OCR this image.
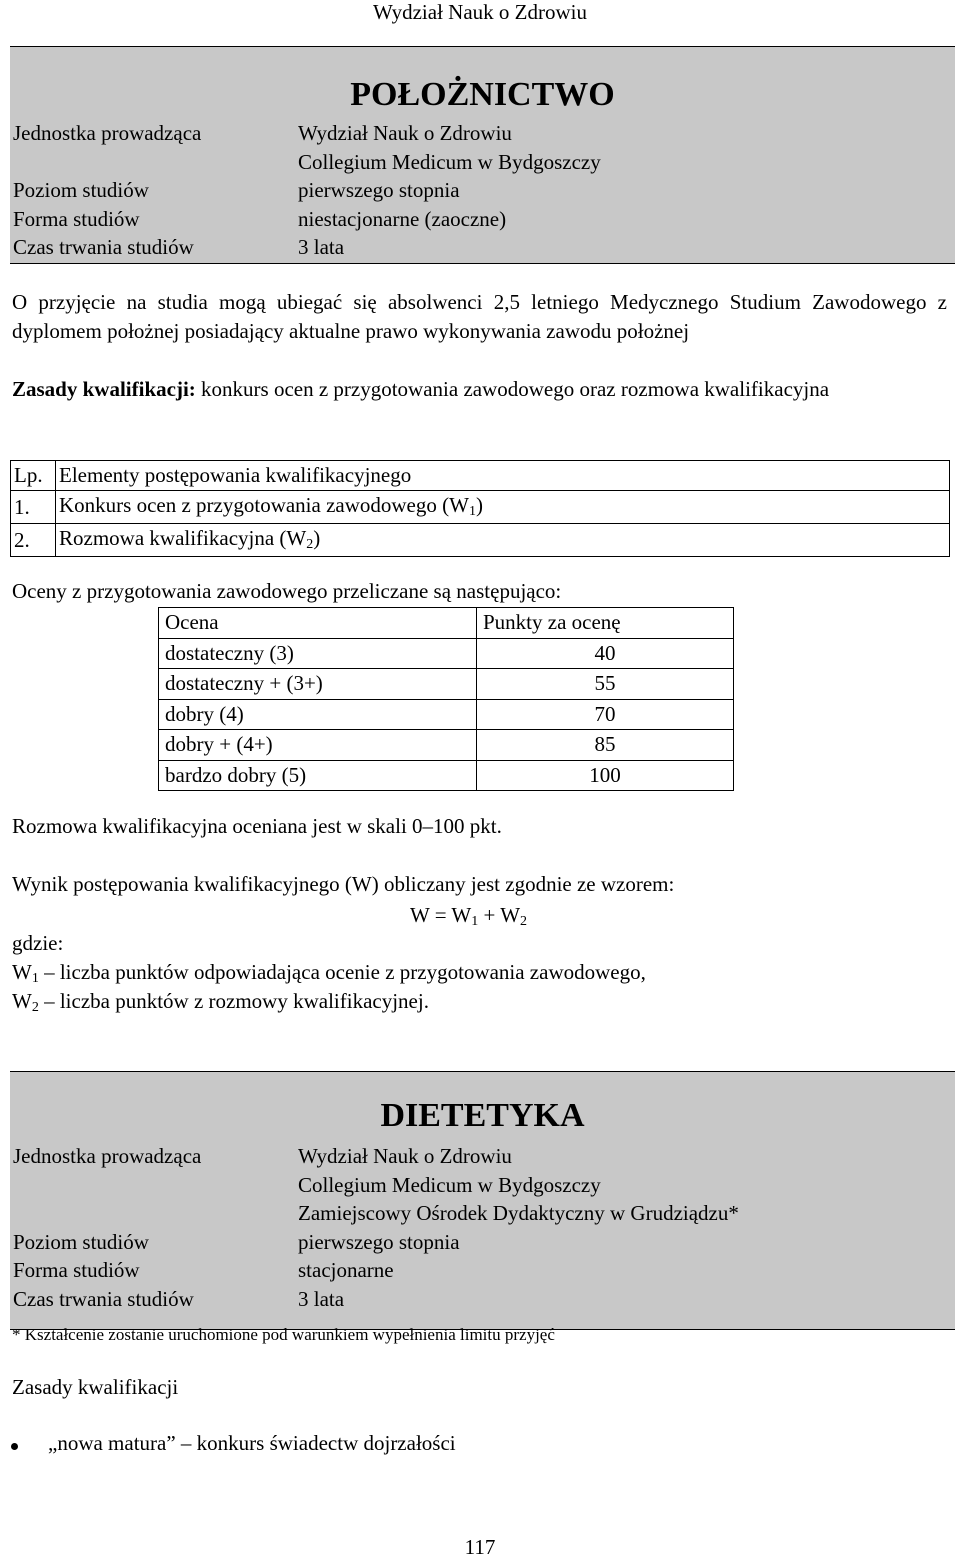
Wydział Nauk o Zdrowiu
POŁOŻNICTWO
Jednostka prowadząca	Wydział Nauk o Zdrowiu
Collegium Medicum w Bydgoszczy
Poziom studiów	pierwszego stopnia
Forma studiów	niestacjonarne (zaoczne)
Czas trwania studiów	3 lata
O przyjęcie na studia mogą ubiegać się absolwenci 2,5 letniego Medycznego Studium Zawodowego z dyplomem położnej posiadający aktualne prawo wykonywania zawodu położnej
Zasady kwalifikacji: konkurs ocen z przygotowania zawodowego oraz rozmowa kwalifikacyjna
Lp.	Elementy postępowania kwalifikacyjnego
1.	Konkurs ocen z przygotowania zawodowego $(W_1)$
2.	Rozmowa kwalifikacyjna $(W_2)$
Oceny z przygotowania zawodowego przeliczane są następująco:
Ocena	Punkty za ocenę
dostateczny (3)	40
dostateczny + (3+)	55
dobry (4)	70
dobry + (4+)	85
bardzo dobry (5)	100
Rozmowa kwalifikacyjna oceniana jest w skali 0–100 pkt.
Wynik postępowania kwalifikacyjnego (W) obliczany jest zgodnie ze wzorem:
$W = W_1 + W_2$
gdzie:
$W_1$ – liczba punktów odpowiadająca ocenie z przygotowania zawodowego,
$W_2$ – liczba punktów z rozmowy kwalifikacyjnej.
DIETETYKA
Jednostka prowadząca	Wydział Nauk o Zdrowiu
Collegium Medicum w Bydgoszczy
Zamiejscowy Ośrodek Dydaktyczny w Grudziądzu*
Poziom studiów	pierwszego stopnia
Forma studiów	stacjonarne
Czas trwania studiów	3 lata
* Kształcenie zostanie uruchomione pod warunkiem wypełnienia limitu przyjęć
Zasady kwalifikacji
„nowa matura” – konkurs świadectw dojrzałości
117
